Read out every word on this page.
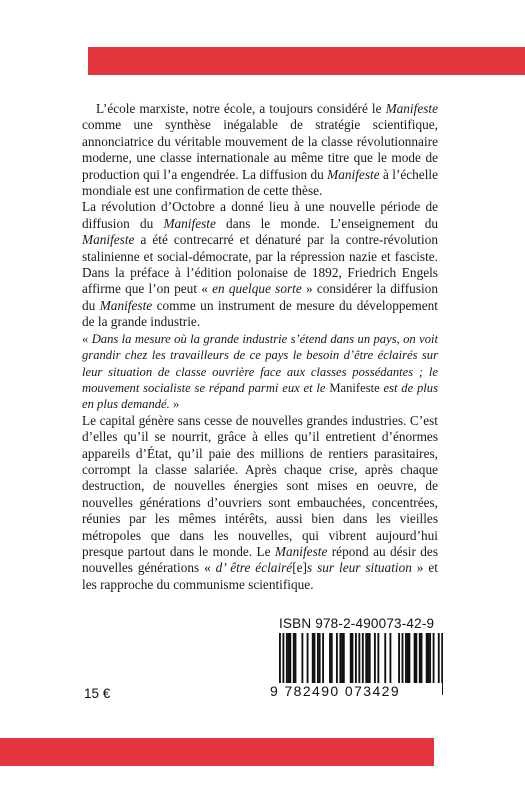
L’école marxiste, notre école, a toujours considéré le Manifeste comme une synthèse inégalable de stratégie scientifique, annonciatrice du véritable mouvement de la classe révolutionnaire moderne, une classe internationale au même titre que le mode de production qui l’a engendrée. La diffusion du Manifeste à l’échelle mondiale est une confirmation de cette thèse.

La révolution d’Octobre a donné lieu à une nouvelle période de diffusion du Manifeste dans le monde. L’enseignement du Manifeste a été contrecarré et dénaturé par la contre-révolution stalinienne et social-démocrate, par la répression nazie et fasciste. Dans la préface à l’édition polonaise de 1892, Friedrich Engels affirme que l’on peut « en quelque sorte » considérer la diffusion du Manifeste comme un instrument de mesure du développement de la grande industrie.

« Dans la mesure où la grande industrie s’étend dans un pays, on voit grandir chez les travailleurs de ce pays le besoin d’être éclairés sur leur situation de classe ouvrière face aux classes possédantes ; le mouvement socialiste se répand parmi eux et le Manifeste est de plus en plus demandé. »

Le capital génère sans cesse de nouvelles grandes industries. C’est d’elles qu’il se nourrit, grâce à elles qu’il entretient d’énormes appareils d’État, qu’il paie des millions de rentiers parasitaires, corrompt la classe salariée. Après chaque crise, après chaque destruction, de nouvelles énergies sont mises en oeuvre, de nouvelles générations d’ouvriers sont embauchées, concentrées, réunies par les mêmes intérêts, aussi bien dans les vieilles métropoles que dans les nouvelles, qui vibrent aujourd’hui presque partout dans le monde. Le Manifeste répond au désir des nouvelles générations « d’ être éclairé[e]s sur leur situation » et les rapproche du communisme scientifique.

ISBN 978-2-490073-42-9
9 782490 073429
15 €
